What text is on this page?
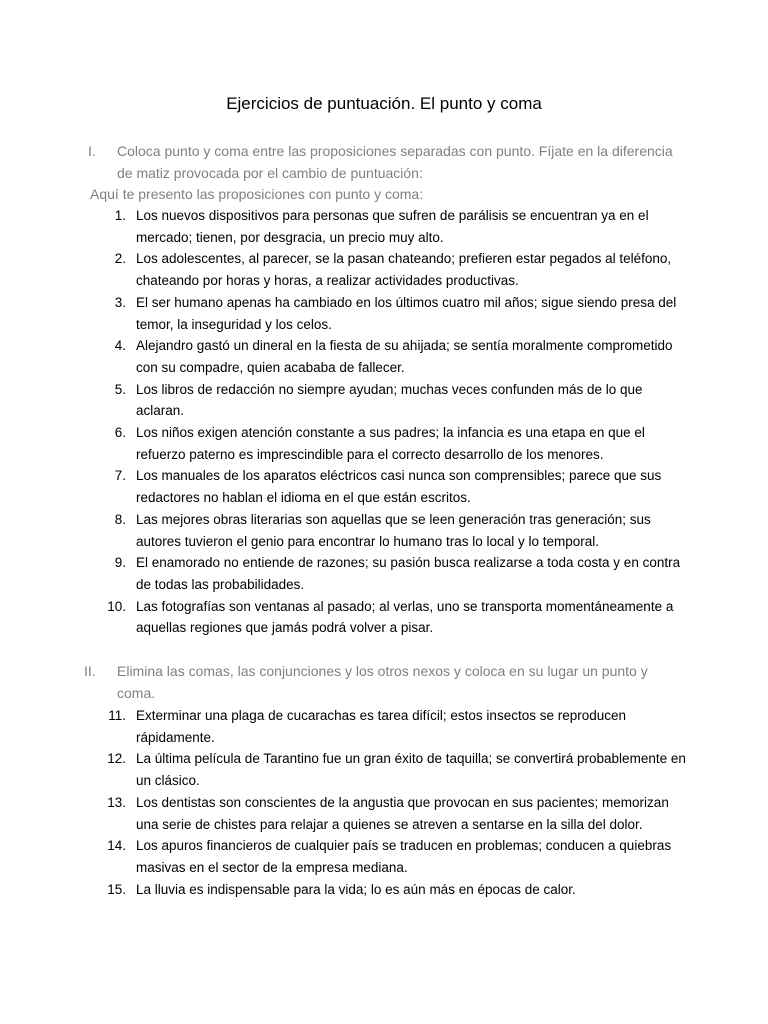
Ejercicios de puntuación. El punto y coma
I.	Coloca punto y coma entre las proposiciones separadas con punto. Fíjate en la diferencia de matiz provocada por el cambio de puntuación:
Aquí te presento las proposiciones con punto y coma:
1. Los nuevos dispositivos para personas que sufren de parálisis se encuentran ya en el mercado; tienen, por desgracia, un precio muy alto.
2. Los adolescentes, al parecer, se la pasan chateando; prefieren estar pegados al teléfono, chateando por horas y horas, a realizar actividades productivas.
3. El ser humano apenas ha cambiado en los últimos cuatro mil años; sigue siendo presa del temor, la inseguridad y los celos.
4. Alejandro gastó un dineral en la fiesta de su ahijada; se sentía moralmente comprometido con su compadre, quien acababa de fallecer.
5. Los libros de redacción no siempre ayudan; muchas veces confunden más de lo que aclaran.
6. Los niños exigen atención constante a sus padres; la infancia es una etapa en que el refuerzo paterno es imprescindible para el correcto desarrollo de los menores.
7. Los manuales de los aparatos eléctricos casi nunca son comprensibles; parece que sus redactores no hablan el idioma en el que están escritos.
8. Las mejores obras literarias son aquellas que se leen generación tras generación; sus autores tuvieron el genio para encontrar lo humano tras lo local y lo temporal.
9. El enamorado no entiende de razones; su pasión busca realizarse a toda costa y en contra de todas las probabilidades.
10. Las fotografías son ventanas al pasado; al verlas, uno se transporta momentáneamente a aquellas regiones que jamás podrá volver a pisar.
II.	Elimina las comas, las conjunciones y los otros nexos y coloca en su lugar un punto y coma.
11. Exterminar una plaga de cucarachas es tarea difícil; estos insectos se reproducen rápidamente.
12. La última película de Tarantino fue un gran éxito de taquilla; se convertirá probablemente en un clásico.
13. Los dentistas son conscientes de la angustia que provocan en sus pacientes; memorizan una serie de chistes para relajar a quienes se atreven a sentarse en la silla del dolor.
14. Los apuros financieros de cualquier país se traducen en problemas; conducen a quiebras masivas en el sector de la empresa mediana.
15. La lluvia es indispensable para la vida; lo es aún más en épocas de calor.
